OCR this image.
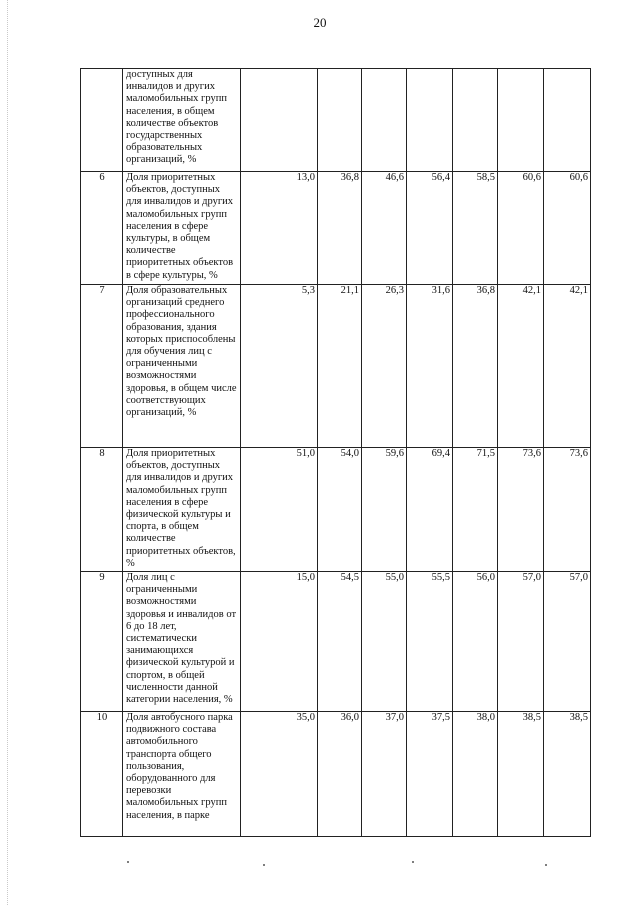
20
	доступных для инвалидов и других маломобильных групп населения, в общем количестве объектов государственных образовательных организаций, %							
6	Доля приоритетных объектов, доступных для инвалидов и других маломобильных групп населения в сфере культуры, в общем количестве приоритетных объектов в сфере культуры, %	13,0	36,8	46,6	56,4	58,5	60,6	60,6
7	Доля образовательных организаций среднего профессионального образования, здания которых приспособлены для обучения лиц с ограниченными возможностями здоровья, в общем числе соответствующих организаций, %	5,3	21,1	26,3	31,6	36,8	42,1	42,1
8	Доля приоритетных объектов, доступных для инвалидов и других маломобильных групп населения в сфере физической культуры и спорта, в общем количестве приоритетных объектов, %	51,0	54,0	59,6	69,4	71,5	73,6	73,6
9	Доля лиц с ограниченными возможностями здоровья и инвалидов от 6 до 18 лет, систематически занимающихся физической культурой и спортом, в общей численности данной категории населения, %	15,0	54,5	55,0	55,5	56,0	57,0	57,0
10	Доля автобусного парка подвижного состава автомобильного транспорта общего пользования, оборудованного для перевозки маломобильных групп населения, в парке	35,0	36,0	37,0	37,5	38,0	38,5	38,5
